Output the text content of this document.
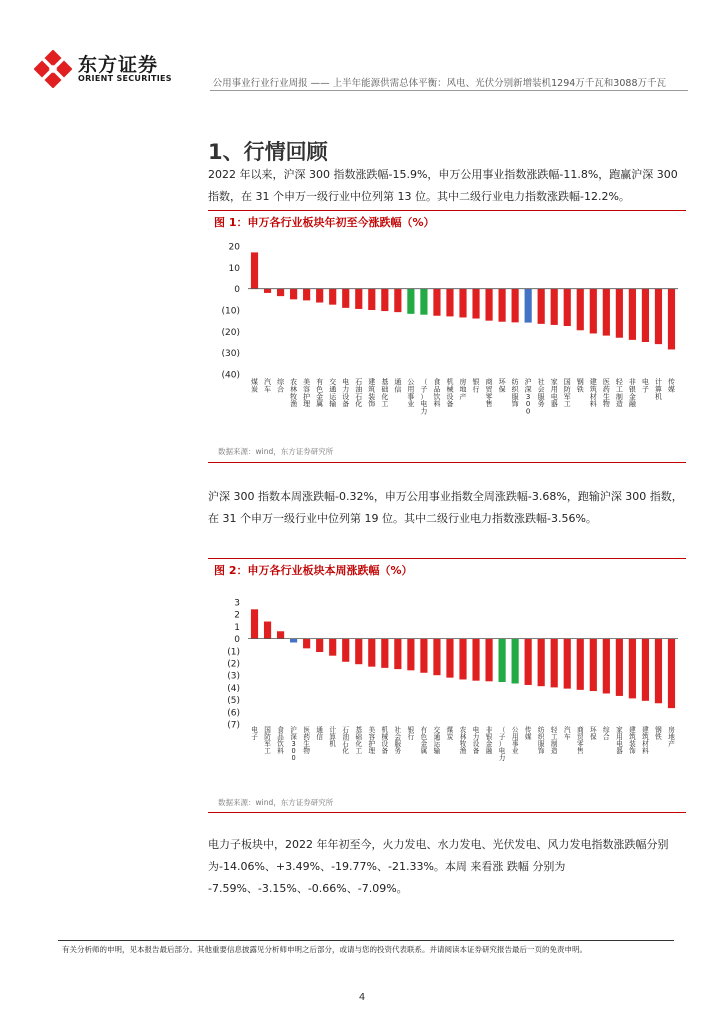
东方证券
ORIENT SECURITIES	公用事业行业行业周报 —— 上半年能源供需总体平衡：风电、光伏分别新增装机1294万千瓦和3088万千瓦
1、行情回顾

2022 年以来，沪深 300 指数涨跌幅-15.9%，申万公用事业指数涨跌幅-11.8%，跑赢沪深 300 指数，在 31 个申万一级行业中位列第 13 位。其中二级行业电力指数涨跌幅-12.2%。

图 1：申万各行业板块年初至今涨跌幅（%）
20
10
0
(10)
(20)
(30)
(40)
煤
炭
汽
车
综
合
农
林
牧
渔
美
容
护
理
有
色
金
属
交
通
运
输
电
力
设
备
石
油
石
化
建
筑
装
饰
基
础
化
工
通
信
公
用
事
业
（
子
）
电
力
食
品
饮
料
机
械
设
备
房
地
产
银
行
商
贸
零
售
环
保
纺
织
服
饰
沪
深
3
0
0
社
会
服
务
家
用
电
器
国
防
军
工
钢
铁
建
筑
材
料
医
药
生
物
轻
工
制
造
非
银
金
融
电
子
计
算
机
传
媒
数据来源：wind，东方证券研究所

沪深 300 指数本周涨跌幅-0.32%，申万公用事业指数全周涨跌幅-3.68%，跑输沪深 300 指数，在 31 个申万一级行业中位列第 19 位。其中二级行业电力指数涨跌幅-3.56%。

图 2：申万各行业板块本周涨跌幅（%）
3
2
1
0
(1)
(2)
(3)
(4)
(5)
(6)
(7) 电
子
国
防
军
工
食
品
饮
料
沪
深
3
0
0
医
药
生
物
通
信
计
算
机
石
油
石
化
基
础
化
工
美
容
护
理
机
械
设
备
社
会
服
务
银
行
有
色
金
属
交
通
运
输
煤
炭
农
林
牧
渔
电
力
设
备
非
银
金
融
（
子
）
电
力
公
用
事
业
传
媒
纺
织
服
饰
轻
工
制
造
汽
车
商
贸
零
售
环
保
综
合
家
用
电
器
建
筑
装
饰
建
筑
材
料
钢
铁
房
地
产
数据来源：wind，东方证券研究所

电力子板块中，2022 年年初至今，火力发电、水力发电、光伏发电、风力发电指数涨跌幅分别为-14.06%、+3.49%、-19.77%、-21.33%。本周 来看涨 跌幅 分别为 -7.59%、-3.15%、-0.66%、-7.09%。

有关分析师的申明，见本报告最后部分。其他重要信息披露见分析师申明之后部分，或请与您的投资代表联系。并请阅读本证券研究报告最后一页的免责申明。
4
